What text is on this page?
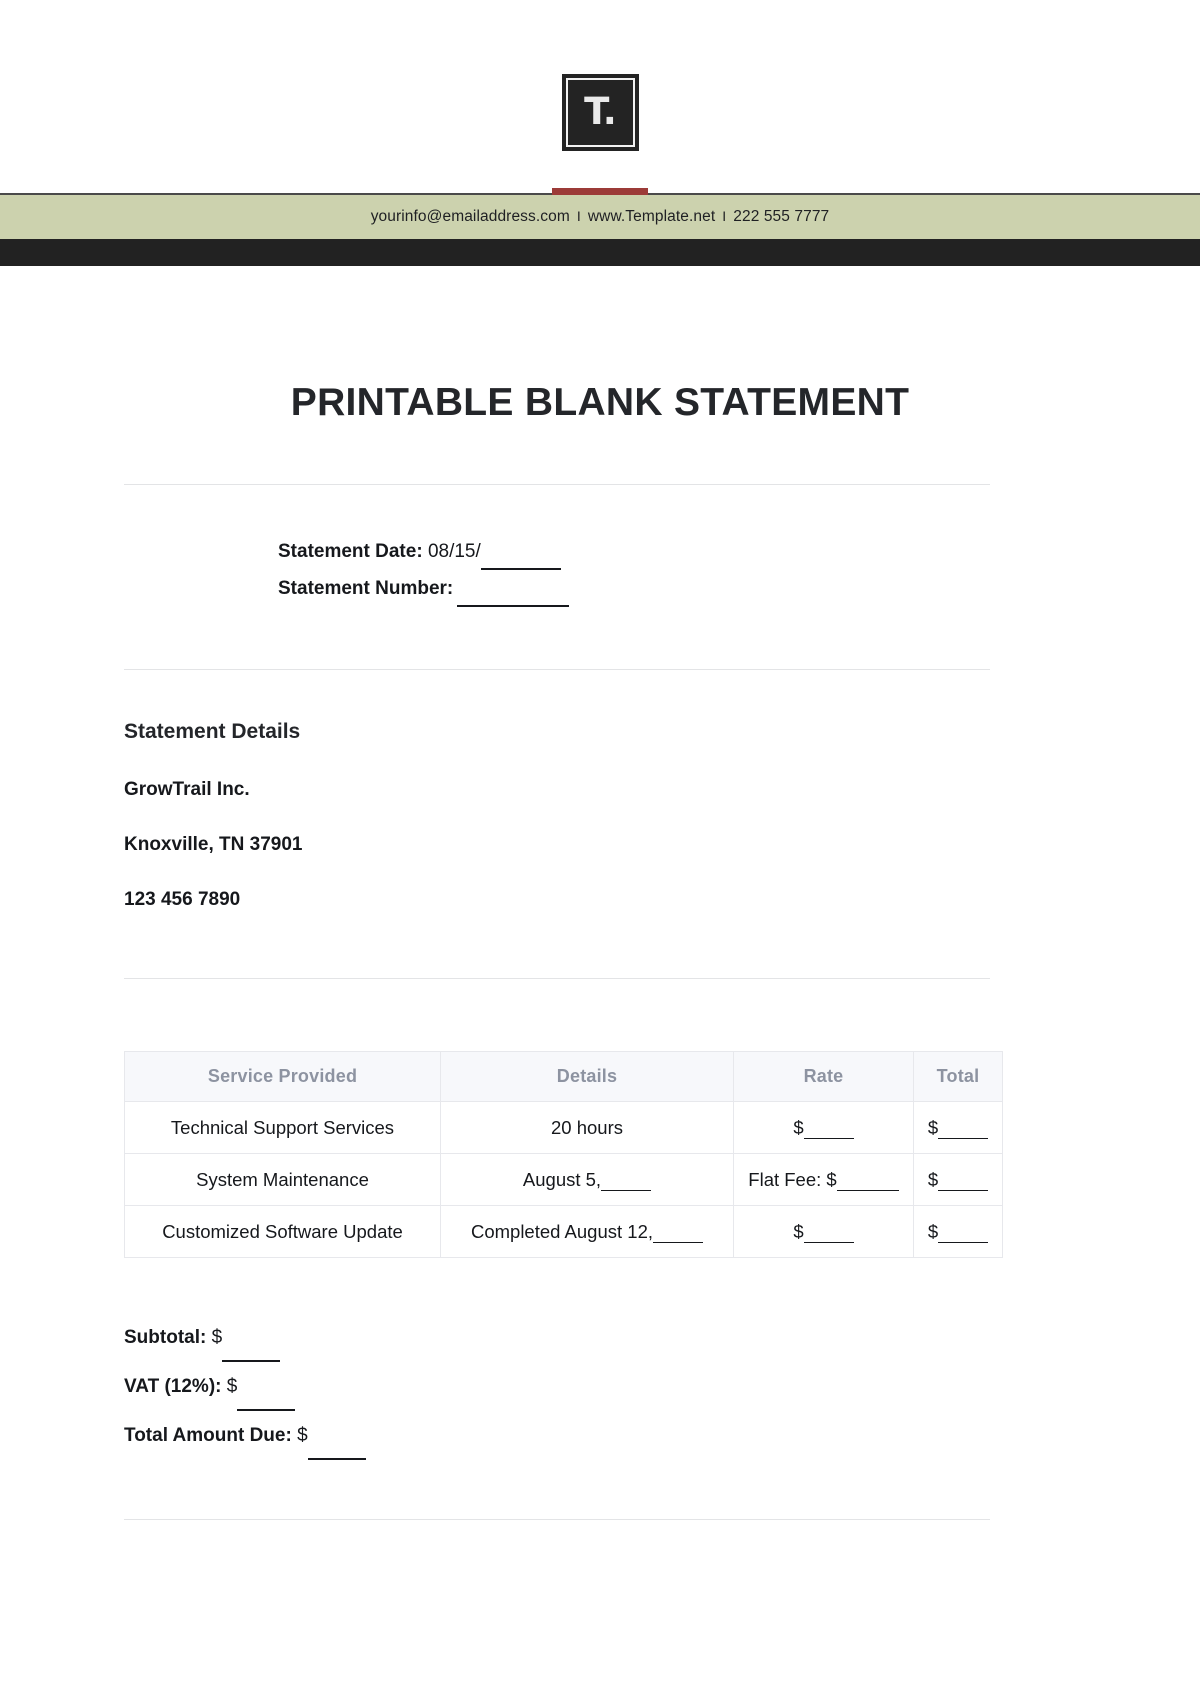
T.
yourinfo@emailaddress.com I www.Template.net I 222 555 7777
PRINTABLE BLANK STATEMENT
Statement Date: 08/15/
Statement Number:
Statement Details
GrowTrail Inc.
Knoxville, TN 37901
123 456 7890
Service Provided	Details	Rate	Total
Technical Support Services	20 hours	$	$
System Maintenance	August 5,	Flat Fee: $	$
Customized Software Update	Completed August 12,	$	$
Subtotal: $
VAT (12%): $
Total Amount Due: $
